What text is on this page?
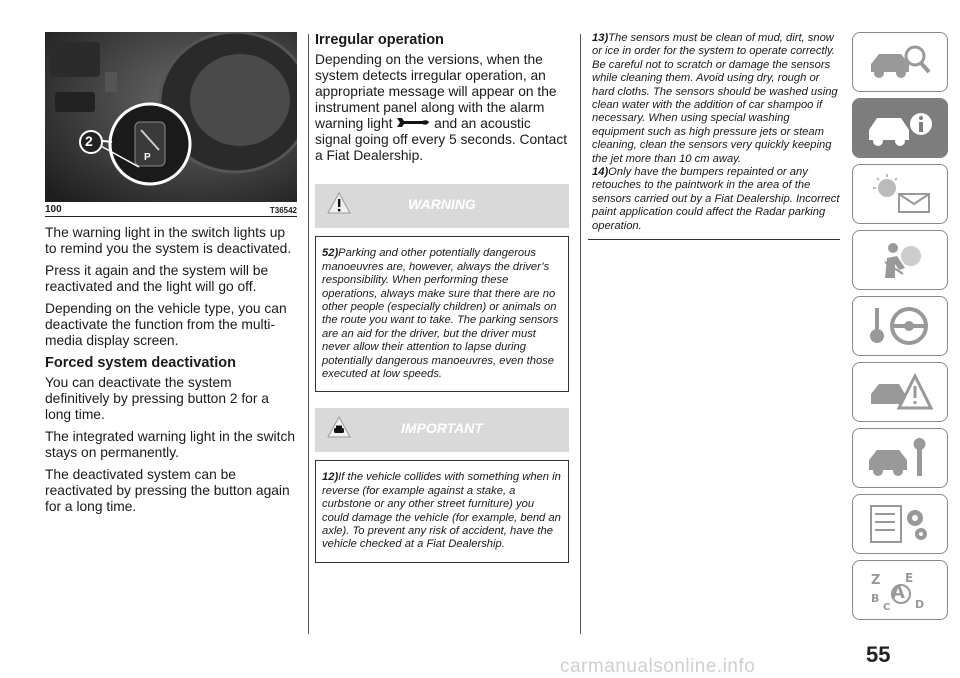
2
P
100	T36542

The warning light in the switch lights up to remind you the system is deactivated.

Press it again and the system will be reactivated and the light will go off.

Depending on the vehicle type, you can deactivate the function from the multi-media display screen.

Forced system deactivation

You can deactivate the system definitively by pressing button 2 for a long time.

The integrated warning light in the switch stays on permanently.

The deactivated system can be reactivated by pressing the button again for a long time.

Irregular operation

Depending on the versions, when the system detects irregular operation, an appropriate message will appear on the instrument panel along with the alarm warning light	and an acoustic signal going off every 5 seconds. Contact a Fiat Dealership.

WARNING
52)Parking and other potentially dangerous manoeuvres are, however, always the driver’s responsibility. When performing these operations, always make sure that there are no other people (especially children) or animals on the route you want to take. The parking sensors are an aid for the driver, but the driver must never allow their attention to lapse during potentially dangerous manoeuvres, even those executed at low speeds.
IMPORTANT
12)If the vehicle collides with something when in reverse (for example against a stake, a curbstone or any other street furniture) you could damage the vehicle (for example, bend an axle). To prevent any risk of accident, have the vehicle checked at a Fiat Dealership.
13)The sensors must be clean of mud, dirt, snow or ice in order for the system to operate correctly. Be careful not to scratch or damage the sensors while cleaning them. Avoid using dry, rough or hard cloths. The sensors should be washed using clean water with the addition of car shampoo if necessary. When using special washing equipment such as high pressure jets or steam cleaning, clean the sensors very quickly keeping the jet more than 10 cm away.
14)Only have the bumpers repainted or any retouches to the paintwork in the area of the sensors carried out by a Fiat Dealership. Incorrect paint application could affect the Radar parking operation.
Z E
A
B
C D
55
carmanualsonline.info
